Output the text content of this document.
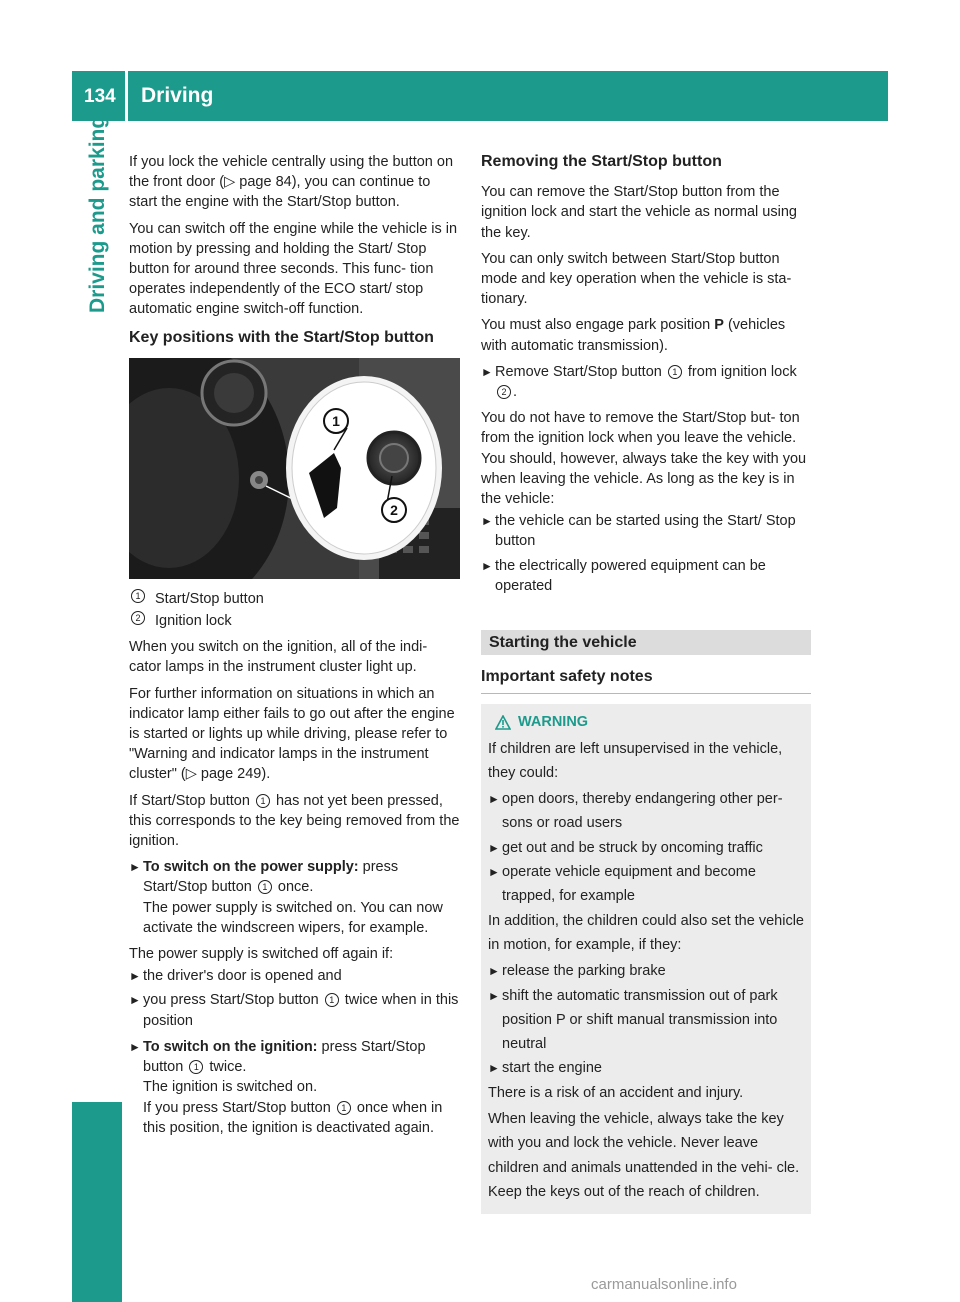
134 Driving
Driving and parking If you lock the vehicle centrally using the button on the front door (▷ page 84), you can continue to start the engine with the Start/Stop button.

You can switch off the engine while the vehicle is in motion by pressing and holding the Start/ Stop button for around three seconds. This func- tion operates independently of the ECO start/ stop automatic engine switch-off function.

Key positions with the Start/Stop button
1
2
1	Start/Stop button
2	Ignition lock

When you switch on the ignition, all of the indi- cator lamps in the instrument cluster light up.

For further information on situations in which an indicator lamp either fails to go out after the engine is started or lights up while driving, please refer to "Warning and indicator lamps in the instrument cluster" (▷ page 249).

If Start/Stop button 1 has not yet been pressed, this corresponds to the key being removed from the ignition.

► To switch on the power supply: press Start/Stop button 1 once.
The power supply is switched on. You can now activate the windscreen wipers, for example.

The power supply is switched off again if:

► the driver's door is opened and
► you press Start/Stop button 1 twice when in this position
► To switch on the ignition: press Start/Stop button 1 twice.
The ignition is switched on.
If you press Start/Stop button 1 once when in this position, the ignition is deactivated again.
Removing the Start/Stop button

You can remove the Start/Stop button from the ignition lock and start the vehicle as normal using the key.

You can only switch between Start/Stop button mode and key operation when the vehicle is sta- tionary.

You must also engage park position P (vehicles with automatic transmission).

► Remove Start/Stop button 1 from ignition lock 2 .

You do not have to remove the Start/Stop but- ton from the ignition lock when you leave the vehicle. You should, however, always take the key with you when leaving the vehicle. As long as the key is in the vehicle:

► the vehicle can be started using the Start/ Stop button
► the electrically powered equipment can be operated
Starting the vehicle
Important safety notes
WARNING

If children are left unsupervised in the vehicle, they could:

► open doors, thereby endangering other per- sons or road users
► get out and be struck by oncoming traffic
► operate vehicle equipment and become trapped, for example

In addition, the children could also set the vehicle in motion, for example, if they:

► release the parking brake
► shift the automatic transmission out of park position P or shift manual transmission into neutral
► start the engine

There is a risk of an accident and injury.

When leaving the vehicle, always take the key with you and lock the vehicle. Never leave children and animals unattended in the vehi- cle. Keep the keys out of the reach of children.

carmanualsonline.info
